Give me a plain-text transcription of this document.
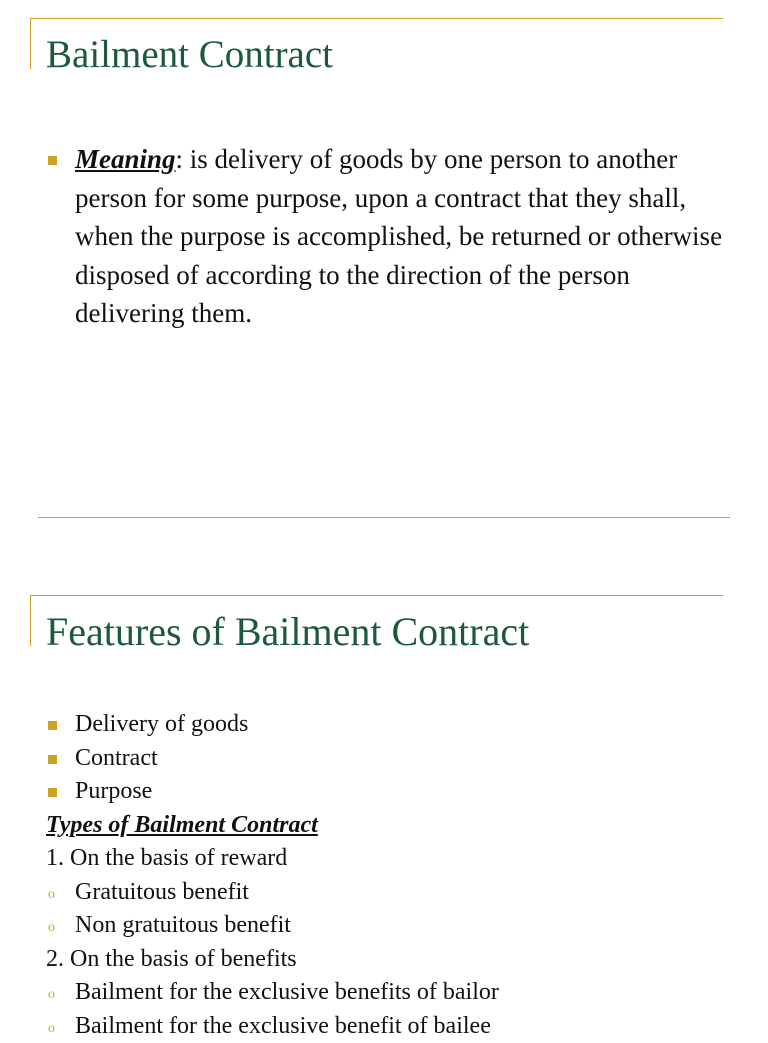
Bailment Contract
Meaning: is delivery of goods by one person to another person for some purpose, upon a contract that they shall, when the purpose is accomplished, be returned or otherwise disposed of according to the direction of the person delivering them.
Features of Bailment Contract
Delivery of goods
Contract
Purpose
Types of Bailment Contract
1. On the basis of reward
o Gratuitous benefit
o Non gratuitous benefit
2. On the basis of benefits
o Bailment for the exclusive benefits of bailor
o Bailment for the exclusive benefit of bailee
